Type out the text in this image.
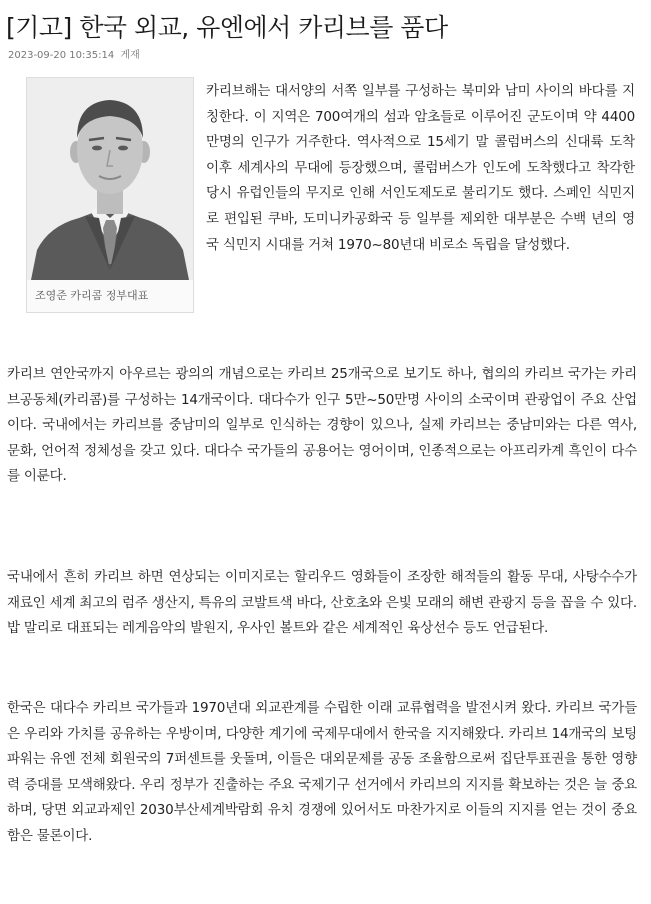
[기고] 한국 외교, 유엔에서 카리브를 품다
2023-09-20 10:35:14 게재
조영준 카리콤 정부대표

카리브해는 대서양의 서쪽 일부를 구성하는 북미와 남미 사이의 바다를 지칭한다. 이 지역은 700여개의 섬과 암초들로 이루어진 군도이며 약 4400만명의 인구가 거주한다. 역사적으로 15세기 말 콜럼버스의 신대륙 도착 이후 세계사의 무대에 등장했으며, 콜럼버스가 인도에 도착했다고 착각한 당시 유럽인들의 무지로 인해 서인도제도로 불리기도 했다. 스페인 식민지로 편입된 쿠바, 도미니카공화국 등 일부를 제외한 대부분은 수백 년의 영국 식민지 시대를 거쳐 1970~80년대 비로소 독립을 달성했다.

카리브 연안국까지 아우르는 광의의 개념으로는 카리브 25개국으로 보기도 하나, 협의의 카리브 국가는 카리브공동체(카리콤)를 구성하는 14개국이다. 대다수가 인구 5만~50만명 사이의 소국이며 관광업이 주요 산업이다. 국내에서는 카리브를 중남미의 일부로 인식하는 경향이 있으나, 실제 카리브는 중남미와는 다른 역사, 문화, 언어적 정체성을 갖고 있다. 대다수 국가들의 공용어는 영어이며, 인종적으로는 아프리카계 흑인이 다수를 이룬다.

국내에서 흔히 카리브 하면 연상되는 이미지로는 할리우드 영화들이 조장한 해적들의 활동 무대, 사탕수수가 재료인 세계 최고의 럼주 생산지, 특유의 코발트색 바다, 산호초와 은빛 모래의 해변 관광지 등을 꼽을 수 있다. 밥 말리로 대표되는 레게음악의 발원지, 우사인 볼트와 같은 세계적인 육상선수 등도 언급된다.

한국은 대다수 카리브 국가들과 1970년대 외교관계를 수립한 이래 교류협력을 발전시켜 왔다. 카리브 국가들은 우리와 가치를 공유하는 우방이며, 다양한 계기에 국제무대에서 한국을 지지해왔다. 카리브 14개국의 보팅 파워는 유엔 전체 회원국의 7퍼센트를 웃돌며, 이들은 대외문제를 공동 조율함으로써 집단투표권을 통한 영향력 증대를 모색해왔다. 우리 정부가 진출하는 주요 국제기구 선거에서 카리브의 지지를 확보하는 것은 늘 중요하며, 당면 외교과제인 2030부산세계박람회 유치 경쟁에 있어서도 마찬가지로 이들의 지지를 얻는 것이 중요함은 물론이다.
